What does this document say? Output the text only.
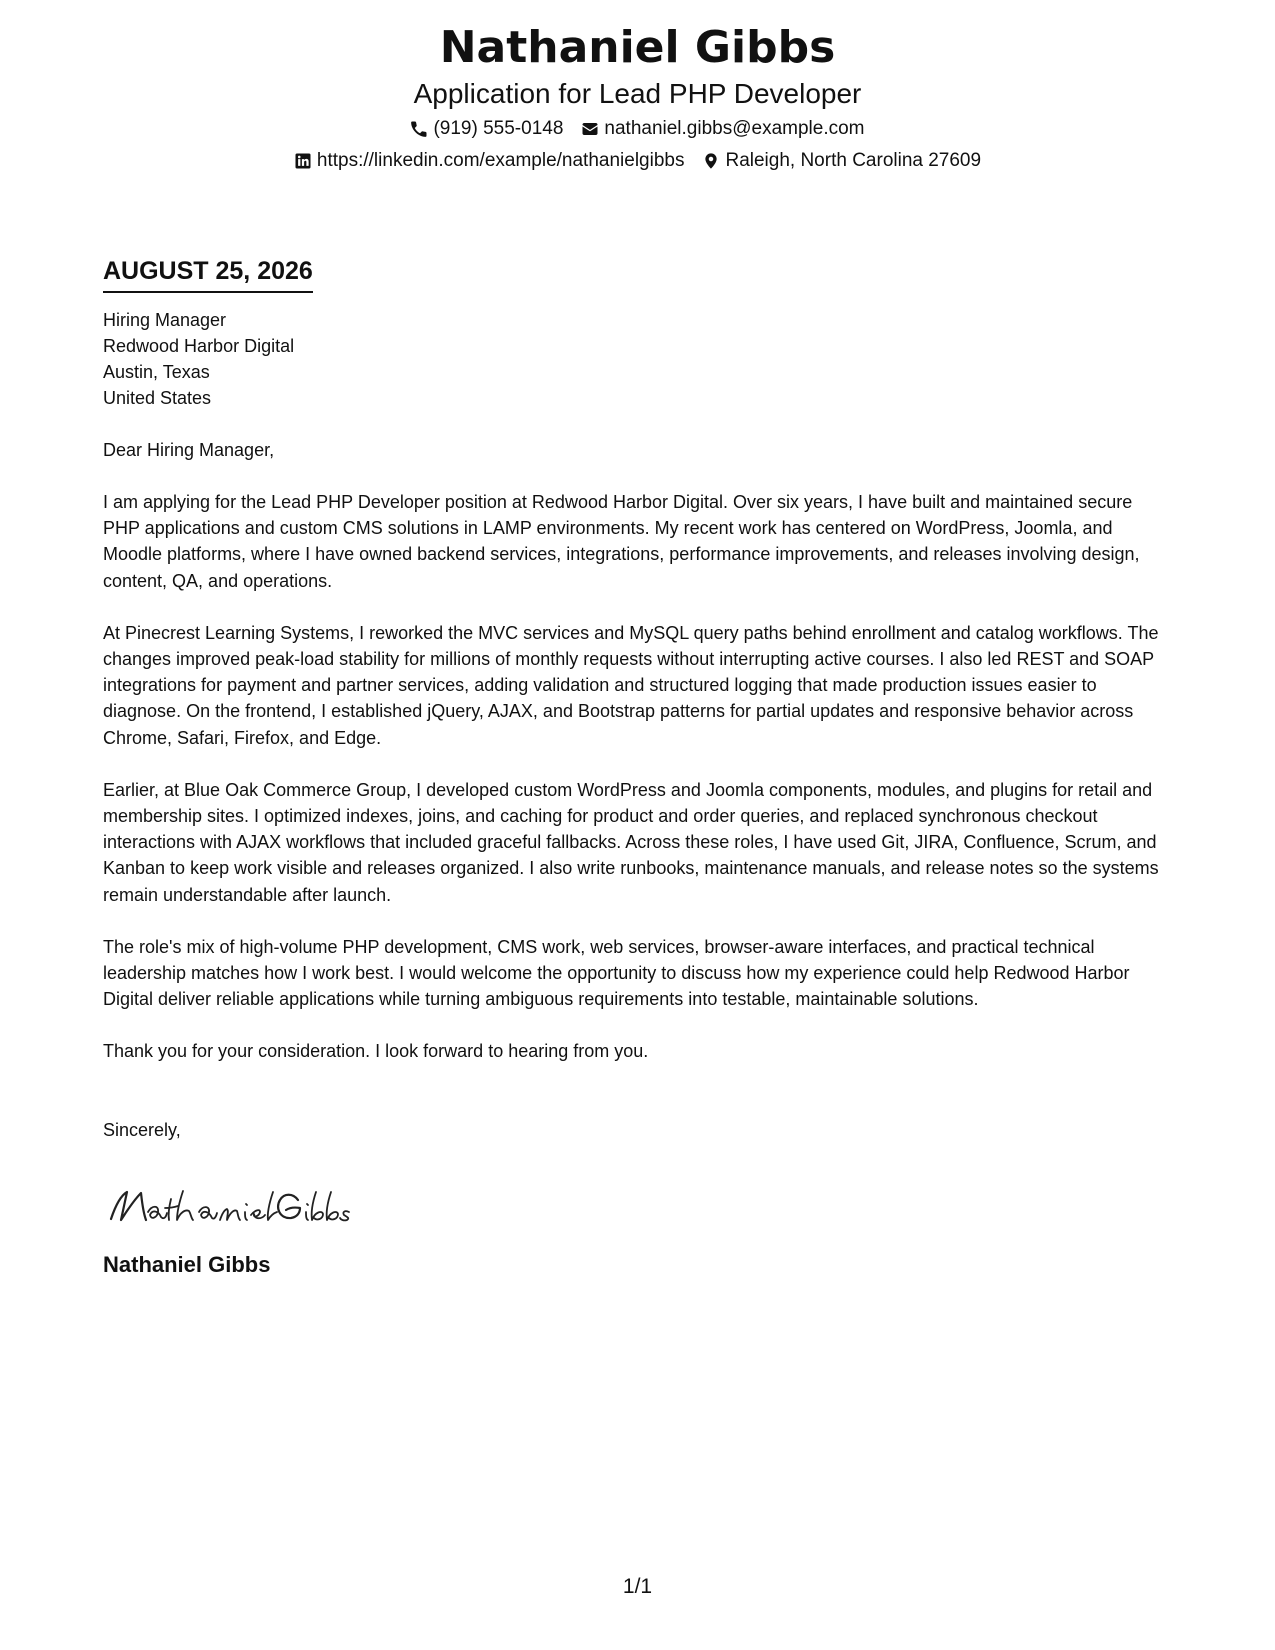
Nathaniel Gibbs
Application for Lead PHP Developer
(919) 555-0148 nathaniel.gibbs@example.com
https://linkedin.com/example/nathanielgibbs Raleigh, North Carolina 27609
AUGUST 25, 2026
Hiring Manager
Redwood Harbor Digital
Austin, Texas
United States
Dear Hiring Manager,

I am applying for the Lead PHP Developer position at Redwood Harbor Digital. Over six years, I have built and maintained secure PHP applications and custom CMS solutions in LAMP environments. My recent work has centered on WordPress, Joomla, and Moodle platforms, where I have owned backend services, integrations, performance improvements, and releases involving design, content, QA, and operations.

At Pinecrest Learning Systems, I reworked the MVC services and MySQL query paths behind enrollment and catalog workflows. The changes improved peak-load stability for millions of monthly requests without interrupting active courses. I also led REST and SOAP integrations for payment and partner services, adding validation and structured logging that made production issues easier to diagnose. On the frontend, I established jQuery, AJAX, and Bootstrap patterns for partial updates and responsive behavior across Chrome, Safari, Firefox, and Edge.

Earlier, at Blue Oak Commerce Group, I developed custom WordPress and Joomla components, modules, and plugins for retail and membership sites. I optimized indexes, joins, and caching for product and order queries, and replaced synchronous checkout interactions with AJAX workflows that included graceful fallbacks. Across these roles, I have used Git, JIRA, Confluence, Scrum, and Kanban to keep work visible and releases organized. I also write runbooks, maintenance manuals, and release notes so the systems remain understandable after launch.

The role's mix of high-volume PHP development, CMS work, web services, browser-aware interfaces, and practical technical leadership matches how I work best. I would welcome the opportunity to discuss how my experience could help Redwood Harbor Digital deliver reliable applications while turning ambiguous requirements into testable, maintainable solutions.

Thank you for your consideration. I look forward to hearing from you.

Sincerely,
Nathaniel Gibbs
1/1
